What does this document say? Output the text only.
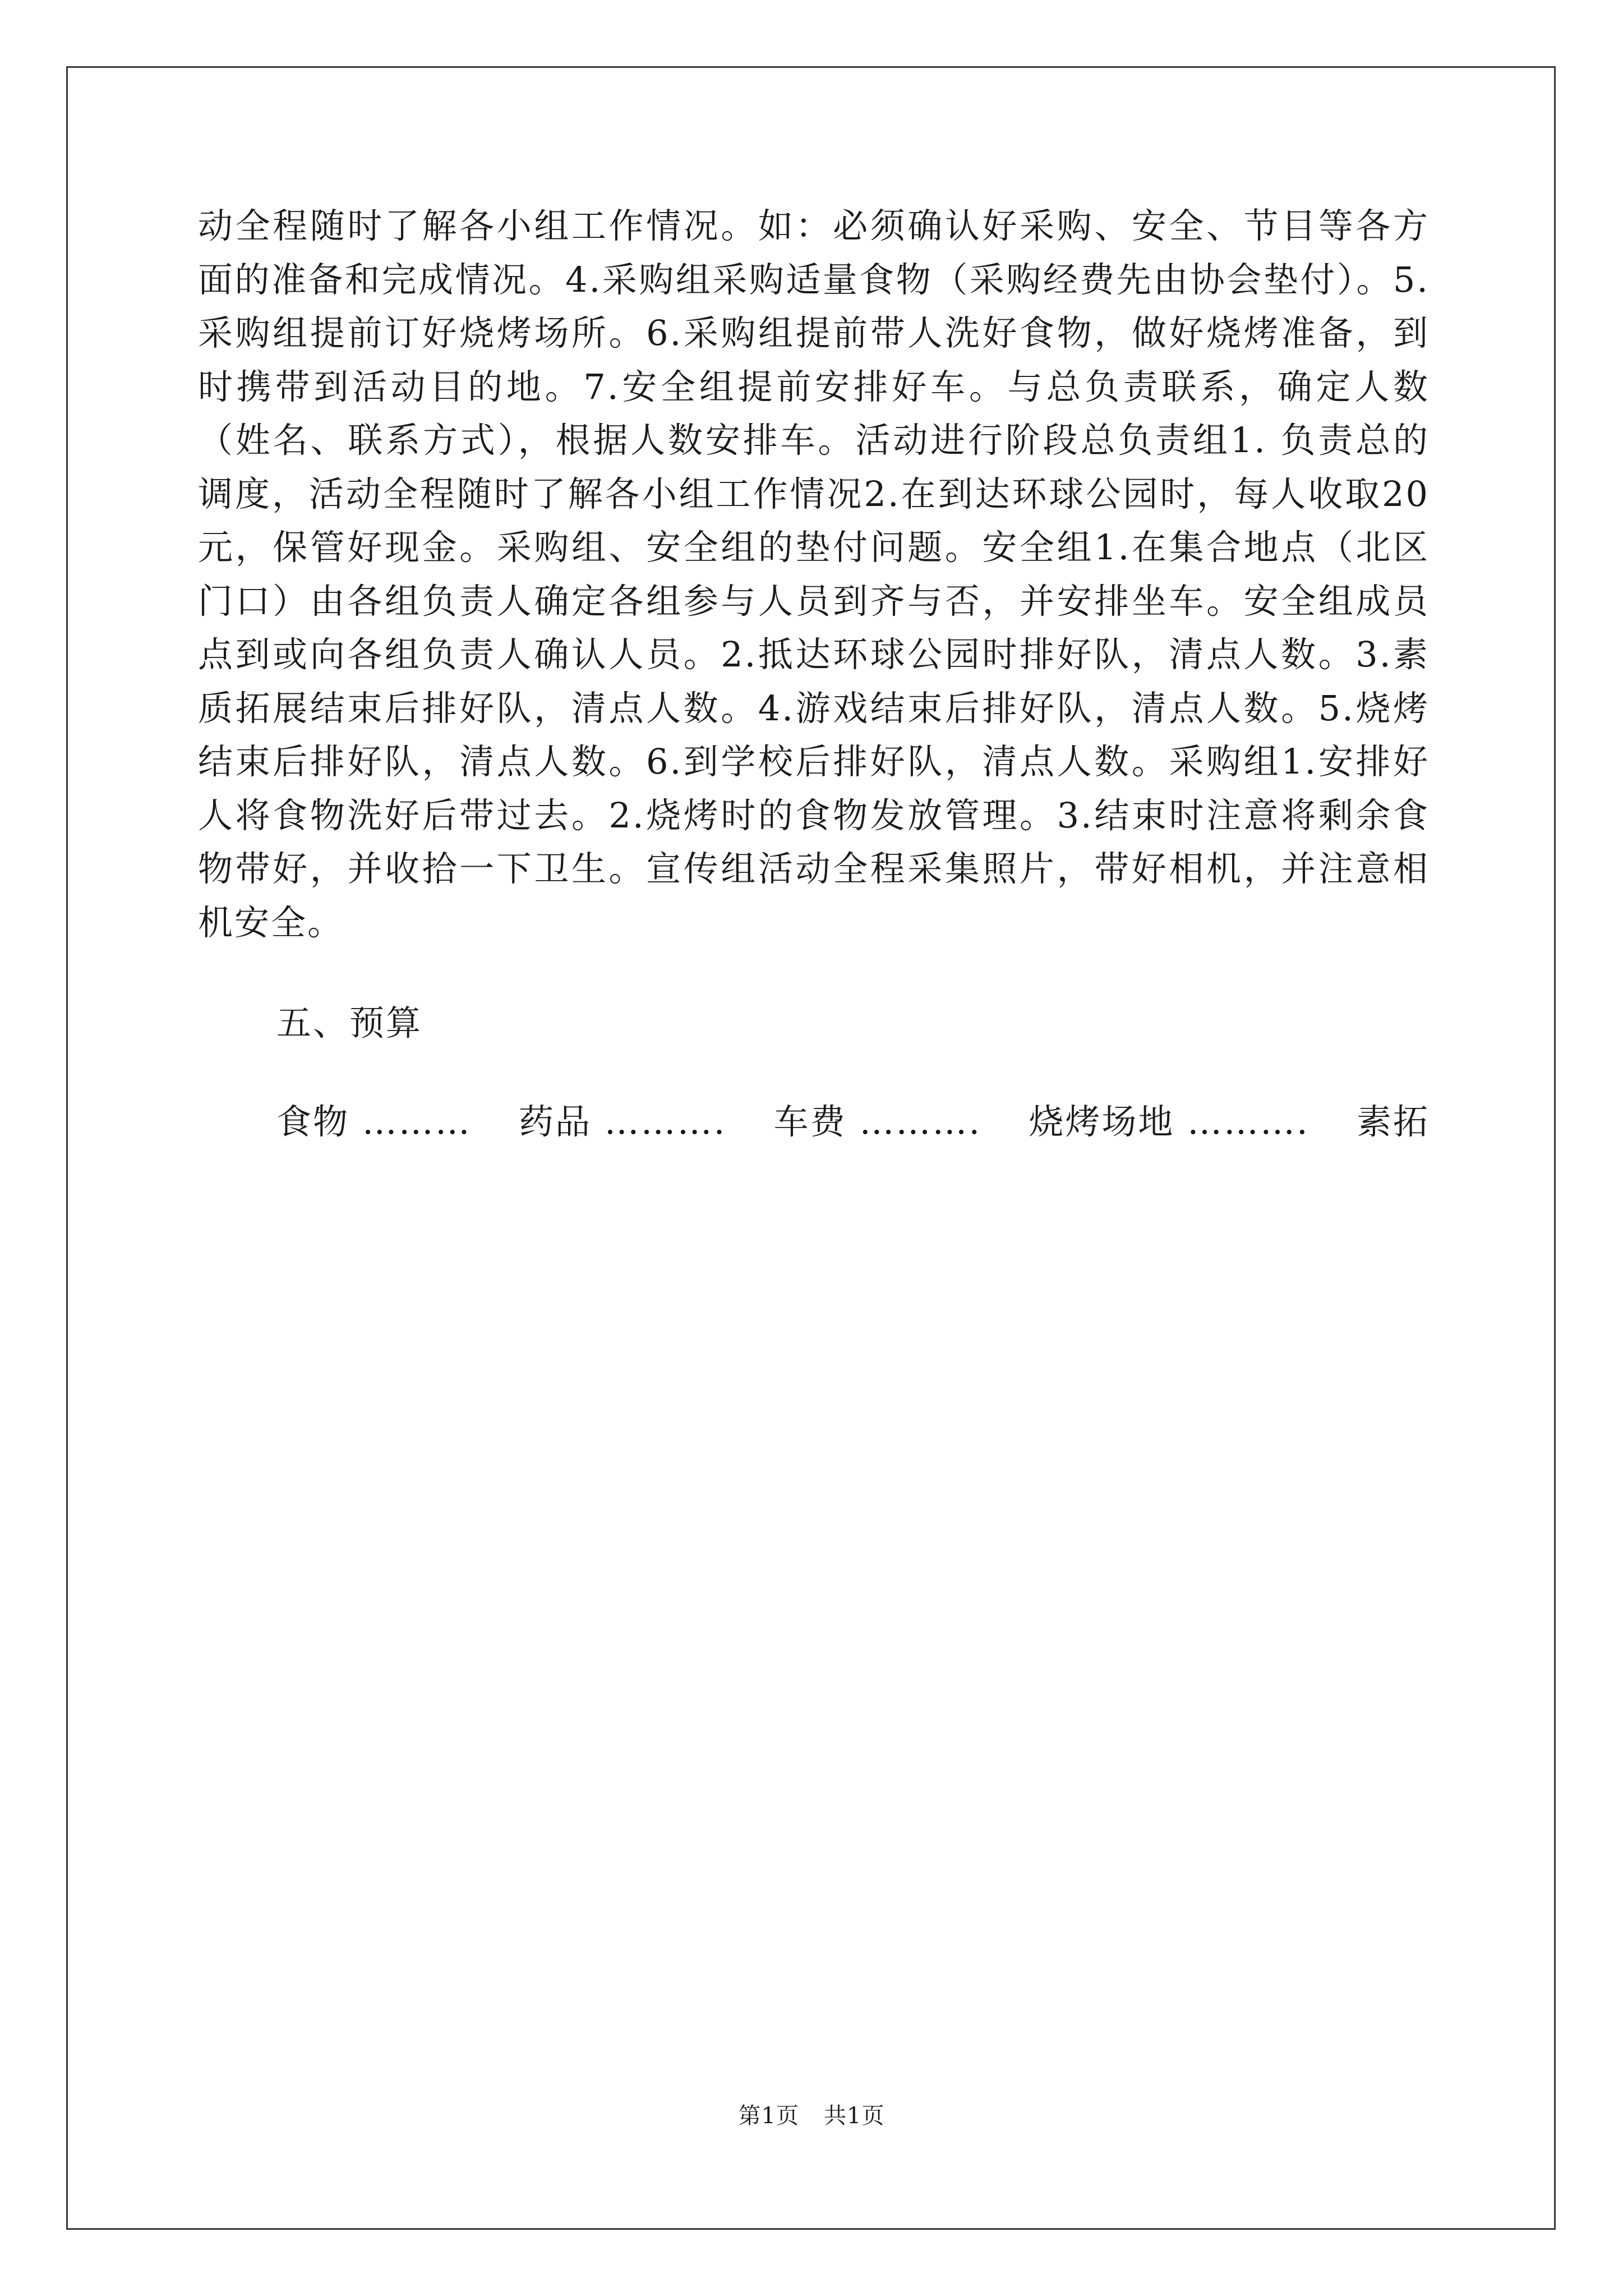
动全程随时了解各小组工作情况。如：必须确认好采购、安全、节目等各方面的准备和完成情况。4.采购组采购适量食物（采购经费先由协会垫付）。5.采购组提前订好烧烤场所。6.采购组提前带人洗好食物，做好烧烤准备，到时携带到活动目的地。7.安全组提前安排好车。与总负责联系，确定人数（姓名、联系方式），根据人数安排车。活动进行阶段总负责组1. 负责总的调度，活动全程随时了解各小组工作情况2.在到达环球公园时，每人收取20元，保管好现金。采购组、安全组的垫付问题。安全组1.在集合地点（北区门口）由各组负责人确定各组参与人员到齐与否，并安排坐车。安全组成员点到或向各组负责人确认人员。2.抵达环球公园时排好队，清点人数。3.素质拓展结束后排好队，清点人数。4.游戏结束后排好队，清点人数。5.烧烤结束后排好队，清点人数。6.到学校后排好队，清点人数。采购组1.安排好人将食物洗好后带过去。2.烧烤时的食物发放管理。3.结束时注意将剩余食物带好，并收拾一下卫生。宣传组活动全程采集照片，带好相机，并注意相机安全。

五、预算

食物 ……… 药品 ………. 车费 ………. 烧烤场地 ………. 素拓

第1页 共1页
